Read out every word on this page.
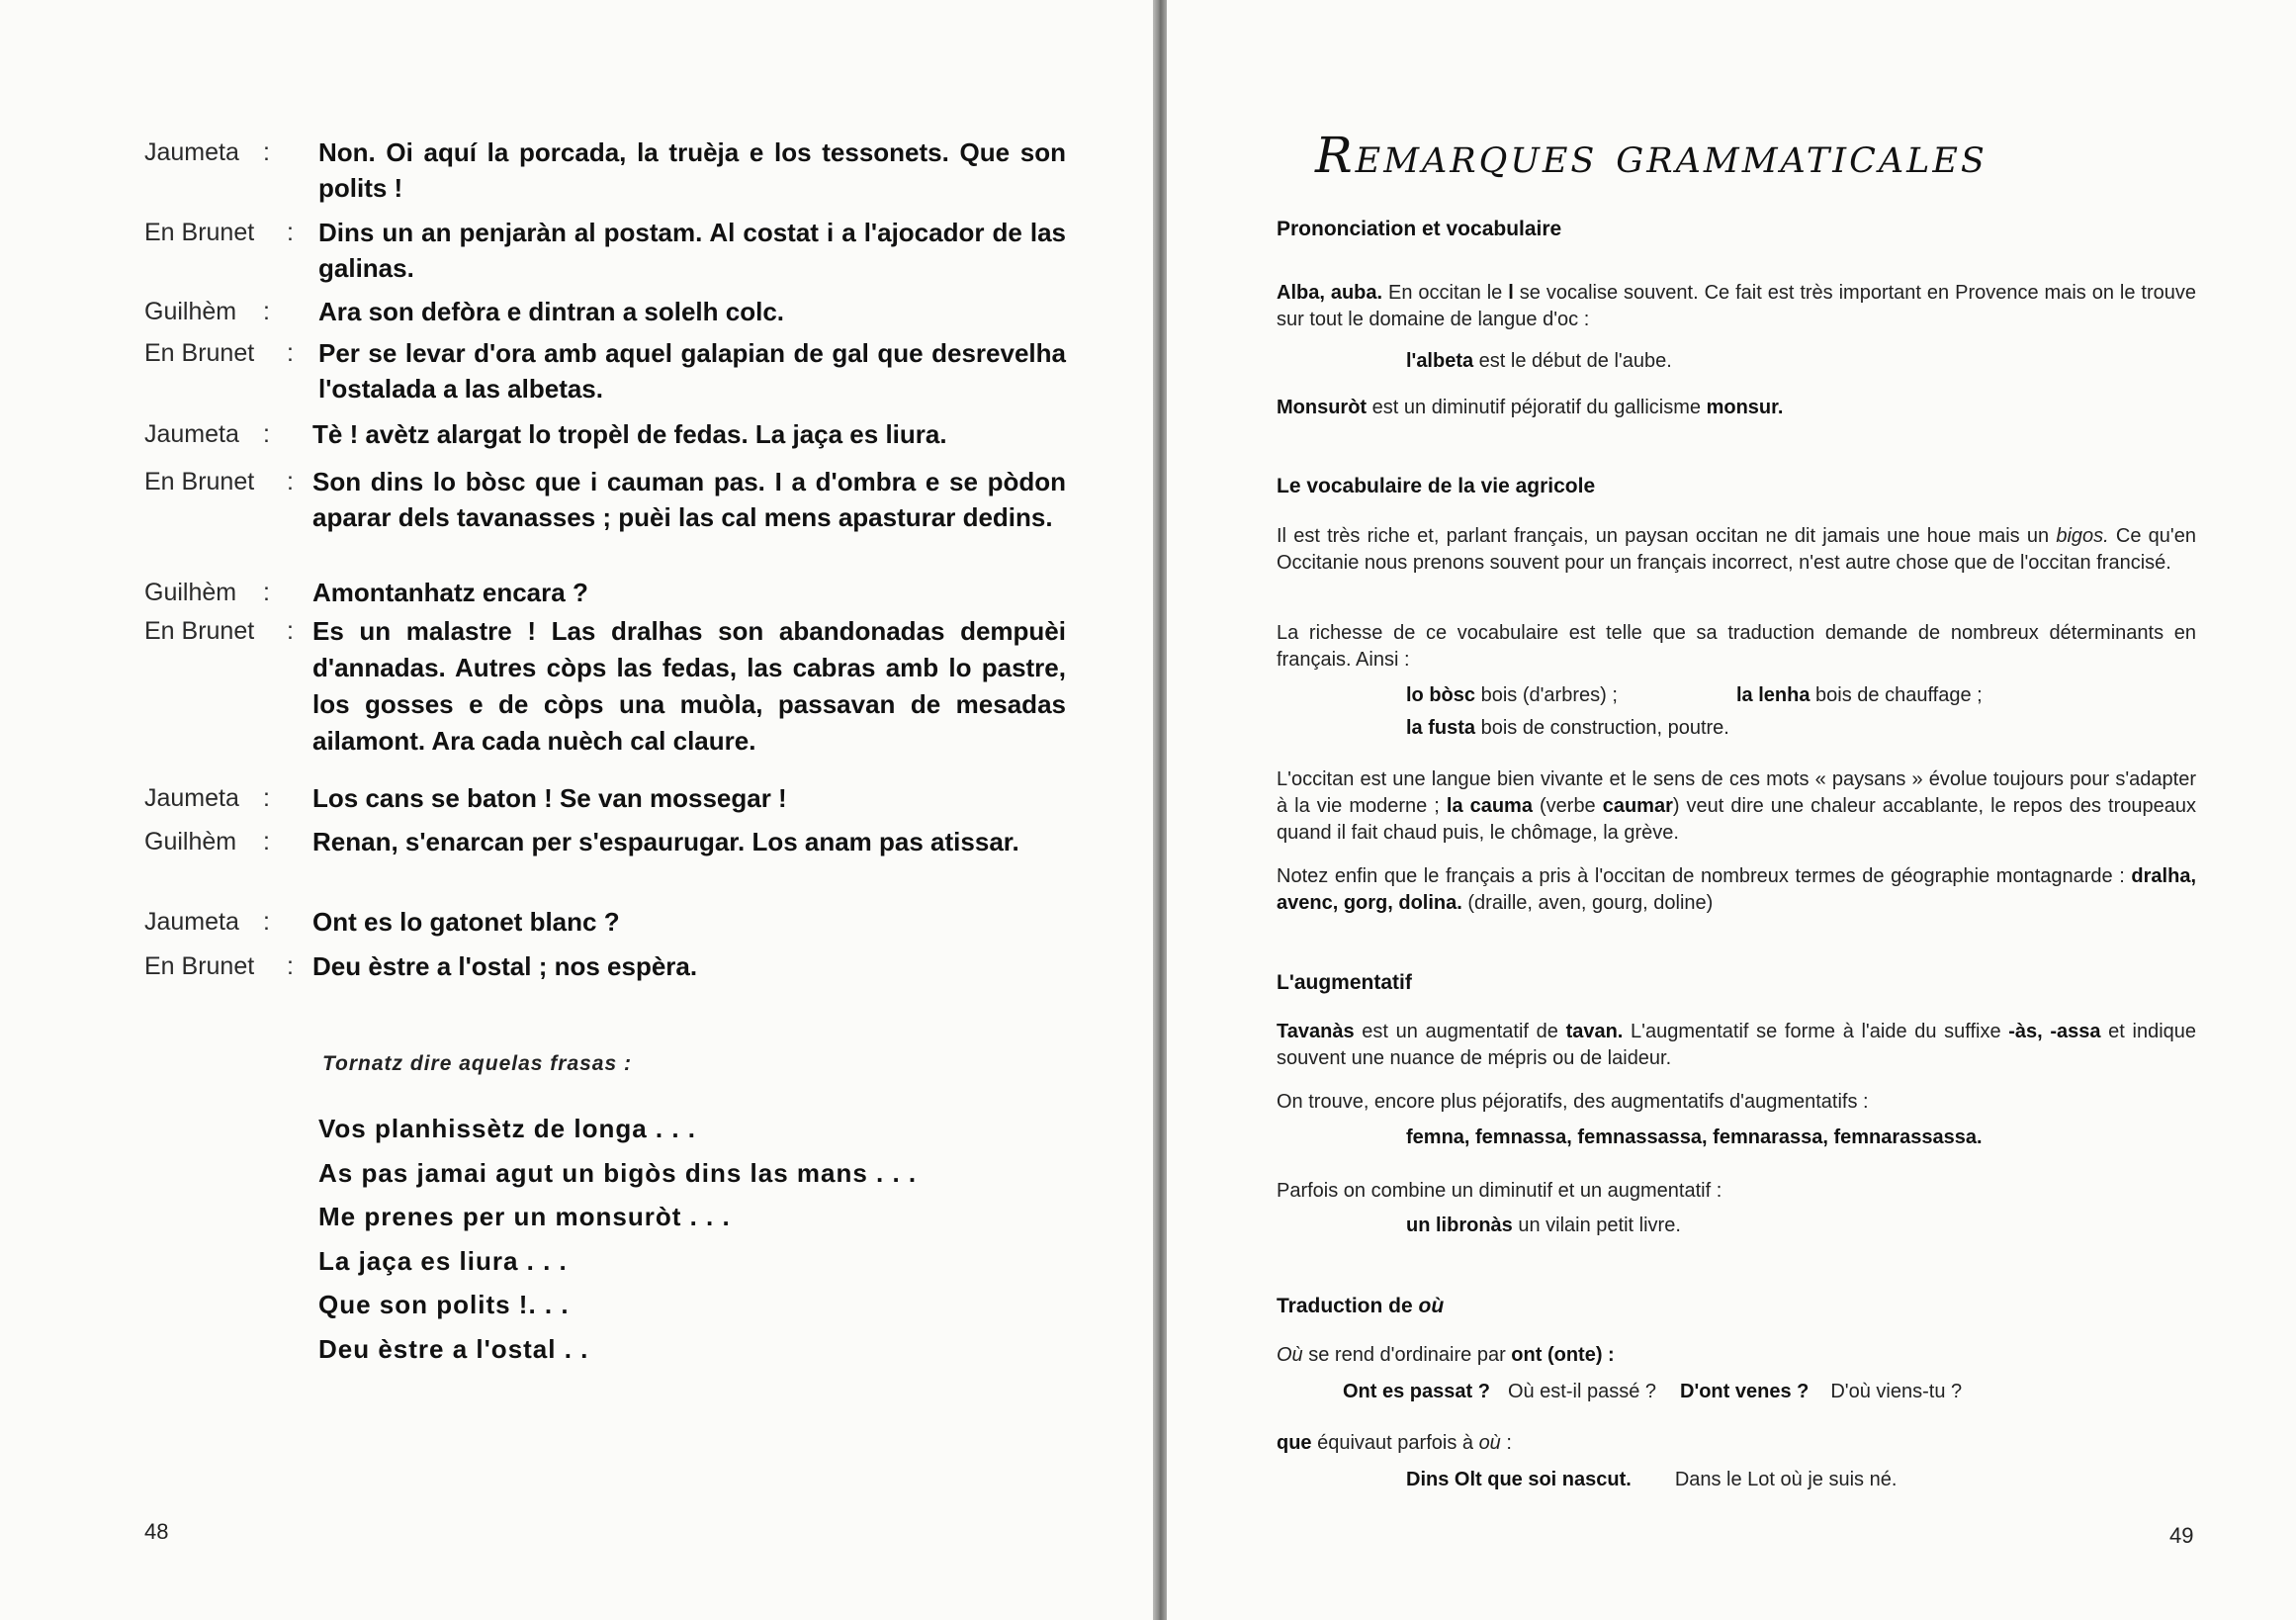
Jaumeta : Non. Oi aquí la porcada, la truèja e los tessonets. Que son polits !
En Brunet : Dins un an penjaràn al postam. Al costat i a l'ajocador de las galinas.
Guilhèm : Ara son defòra e dintran a solelh colc.
En Brunet : Per se levar d'ora amb aquel galapian de gal que desrevelha l'ostalada a las albetas.
Jaumeta : Tè ! avètz alargat lo tropèl de fedas. La jaça es liura.
En Brunet : Son dins lo bòsc que i cauman pas. I a d'ombra e se pòdon aparar dels tavanasses ; puèi las cal mens apasturar dedins.
Guilhèm : Amontanhatz encara ?
En Brunet : Es un malastre ! Las dralhas son abandonadas dempuèi d'annadas. Autres còps las fedas, las cabras amb lo pastre, los gosses e de còps una muòla, passavan de mesadas ailamont. Ara cada nuèch cal claure.
Jaumeta : Los cans se baton ! Se van mossegar !
Guilhèm : Renan, s'enarcan per s'espaurugar. Los anam pas atissar.
Jaumeta : Ont es lo gatonet blanc ?
En Brunet : Deu èstre a l'ostal ; nos espèra.
Tornatz dire aquelas frasas :
Vos planhissètz de longa . . .
As pas jamai agut un bigòs dins las mans . . .
Me prenes per un monsuròt . . .
La jaça es liura . . .
Que son polits !. . .
Deu èstre a l'ostal . .
48
Remarques grammaticales
Prononciation et vocabulaire
Alba, auba. En occitan le l se vocalise souvent. Ce fait est très important en Provence mais on le trouve sur tout le domaine de langue d'oc :
l'albeta est le début de l'aube.
Monsuròt est un diminutif péjoratif du gallicisme monsur.
Le vocabulaire de la vie agricole
Il est très riche et, parlant français, un paysan occitan ne dit jamais une houe mais un bigos. Ce qu'en Occitanie nous prenons souvent pour un français incorrect, n'est autre chose que de l'occitan francisé.
La richesse de ce vocabulaire est telle que sa traduction demande de nombreux déterminants en français. Ainsi :
lo bòsc bois (d'arbres) ;	la lenha bois de chauffage ;
la fusta bois de construction, poutre.
L'occitan est une langue bien vivante et le sens de ces mots « paysans » évolue toujours pour s'adapter à la vie moderne ; la cauma (verbe caumar) veut dire une chaleur accablante, le repos des troupeaux quand il fait chaud puis, le chômage, la grève.
Notez enfin que le français a pris à l'occitan de nombreux termes de géographie montagnarde : dralha, avenc, gorg, dolina. (draille, aven, gourg, doline)
L'augmentatif
Tavanàs est un augmentatif de tavan. L'augmentatif se forme à l'aide du suffixe -às, -assa et indique souvent une nuance de mépris ou de laideur.
On trouve, encore plus péjoratifs, des augmentatifs d'augmentatifs :
femna, femnassa, femnassassa, femnarassa, femnarassassa.
Parfois on combine un diminutif et un augmentatif :
un libronàs un vilain petit livre.
Traduction de où
Où se rend d'ordinaire par ont (onte) :
Ont es passat ? Où est-il passé ? D'ont venes ? D'où viens-tu ?
que équivaut parfois à où :
Dins Olt que soi nascut. Dans le Lot où je suis né.
49
